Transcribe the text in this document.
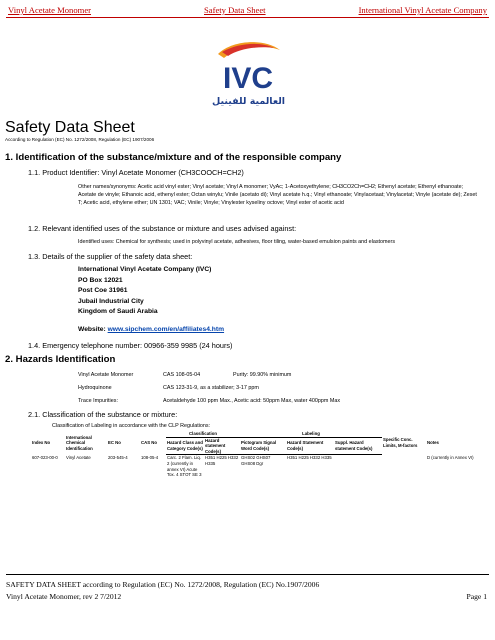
Vinyl Acetate Monomer	Safety Data Sheet	International Vinyl Acetate Company
IVC
العالمية للفينيل
Safety Data Sheet
According to Regulation (EC) No. 1272/2008, Regulation (EC) 1907/2006
1. Identification of the substance/mixture and of the responsible company
1.1. Product Identifier: Vinyl Acetate Monomer (CH3COOCH=CH2)
Other names/synonyms: Acetic acid vinyl ester; Vinyl acetate; Vinyl A monomer; VyAc; 1-Acetoxyethylene; CH3CO2Ch=CH2; Ethenyl acetate; Ethenyl ethanoate; Acetate de vinyle; Ethanoic acid, ethenyl ester; Octan winylu; Vinile (acetato di); Vinyl acetate h.q.; Vinyl ethanoate; Vinylacetaat; Vinylacetat; Vinyle (acetate de); Zeset T; Acetic acid, ethylene ether; UN 1301; VAC; Vinile; Vinyle; Vinylester kyseliny octove; Vinyl ester of acetic acid
1.2. Relevant identified uses of the substance or mixture and uses advised against:
Identified uses: Chemical for synthesis; used in polyvinyl acetate, adhesives, floor tiling, water-based emulsion paints and elastomers
1.3. Details of the supplier of the safety data sheet:
International Vinyl Acetate Company (IVC)
PO Box 12021
Post Coe 31961
Jubail Industrial City
Kingdom of Saudi Arabia
Website: www.sipchem.com/en/affiliates4.htm
1.4. Emergency telephone number: 00966-359 9985 (24 hours)
2. Hazards Identification
Vinyl Acetate Monomer	CAS 108-05-04	Purity: 99.90% minimum
Hydroquinone	CAS 123-31-9, as a stabilizer; 3-17 ppm
Trace Impurities:	Acetaldehyde 100 ppm Max., Acetic acid: 50ppm Max, water 400ppm Max
2.1. Classification of the substance or mixture:
Classification of Labeling in accordance with the CLP Regulations:
Index No	International Chemical Identification	EC No	CAS No	Classification		Labeling			Specific Conc. Limits, M-factors	Notes
				Hazard Class and Category Code(s)	Hazard statement Code(s)	Pictogram Signal Word Code(s)	Hazard Statement Code(s)	Suppl. Hazard statement Code(s)		
607-023-00-0	Vinyl Acetate	203-545-4	108-05-4	Carc. 2 Flam. Liq. 2 (currently in annex VI) Acute Tox. 4 STOT SE 3	H351 H225 H332 H335	GHS02 GHS07 GHS08 Dgr	H351 H225 H332 H335			D (currently in Annex VI)
SAFETY DATA SHEET according to Regulation (EC) No. 1272/2008, Regulation (EC) No.1907/2006
Vinyl Acetate Monomer, rev 2 7/2012	Page 1
